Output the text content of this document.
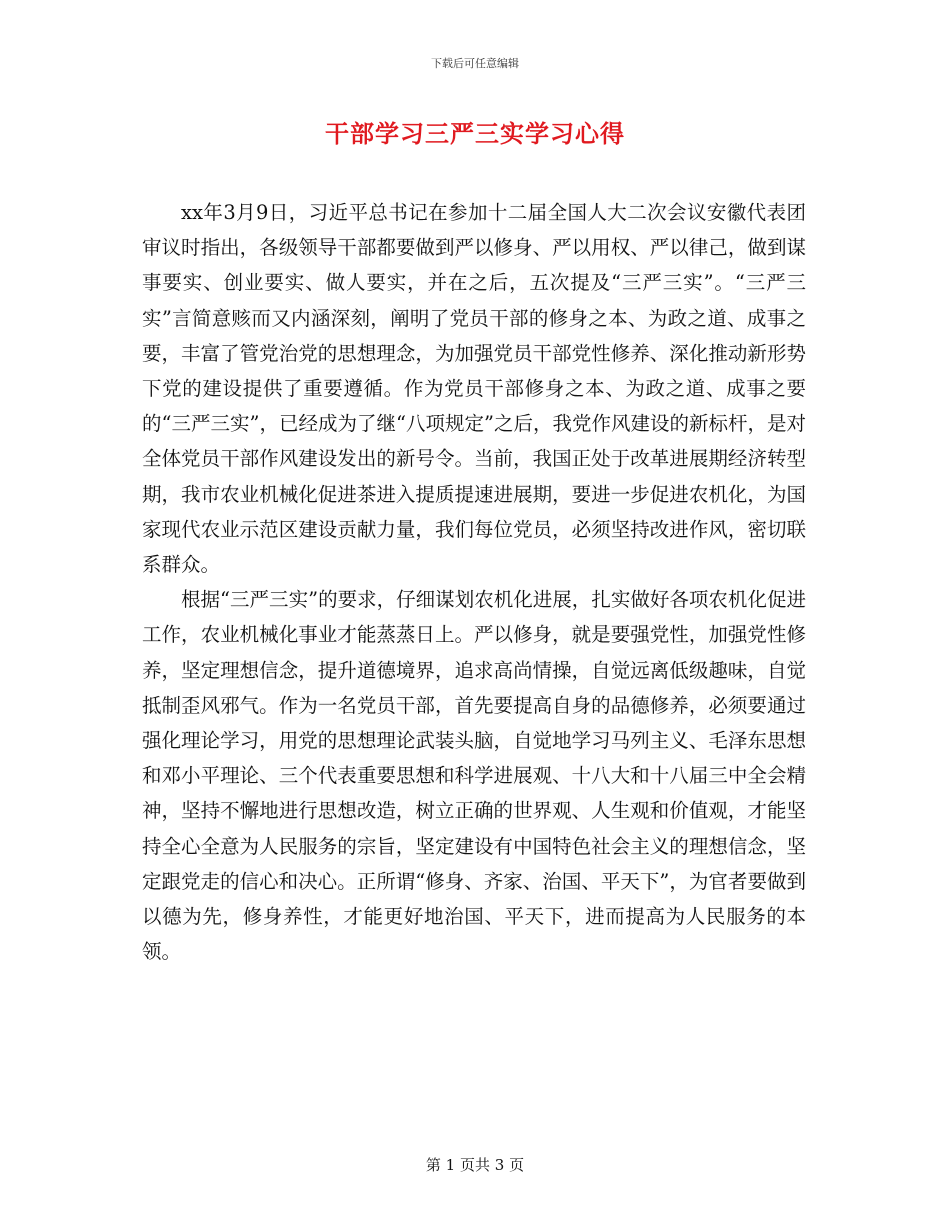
下载后可任意编辑
干部学习三严三实学习心得

xx年3月9日，习近平总书记在参加十二届全国人大二次会议安徽代表团审议时指出，各级领导干部都要做到严以修身、严以用权、严以律己，做到谋事要实、创业要实、做人要实，并在之后，五次提及“三严三实”。“三严三实”言简意赅而又内涵深刻，阐明了党员干部的修身之本、为政之道、成事之要，丰富了管党治党的思想理念，为加强党员干部党性修养、深化推动新形势下党的建设提供了重要遵循。作为党员干部修身之本、为政之道、成事之要的“三严三实”，已经成为了继“八项规定”之后，我党作风建设的新标杆，是对全体党员干部作风建设发出的新号令。当前，我国正处于改革进展期经济转型期，我市农业机械化促进茶进入提质提速进展期，要进一步促进农机化，为国家现代农业示范区建设贡献力量，我们每位党员，必须坚持改进作风，密切联系群众。

根据“三严三实”的要求，仔细谋划农机化进展，扎实做好各项农机化促进工作，农业机械化事业才能蒸蒸日上。严以修身，就是要强党性，加强党性修养，坚定理想信念，提升道德境界，追求高尚情操，自觉远离低级趣味，自觉抵制歪风邪气。作为一名党员干部，首先要提高自身的品德修养，必须要通过强化理论学习，用党的思想理论武装头脑，自觉地学习马列主义、毛泽东思想和邓小平理论、三个代表重要思想和科学进展观、十八大和十八届三中全会精神，坚持不懈地进行思想改造，树立正确的世界观、人生观和价值观，才能坚持全心全意为人民服务的宗旨，坚定建设有中国特色社会主义的理想信念，坚定跟党走的信心和决心。正所谓“修身、齐家、治国、平天下”，为官者要做到以德为先，修身养性，才能更好地治国、平天下，进而提高为人民服务的本领。

第 1 页共 3 页
